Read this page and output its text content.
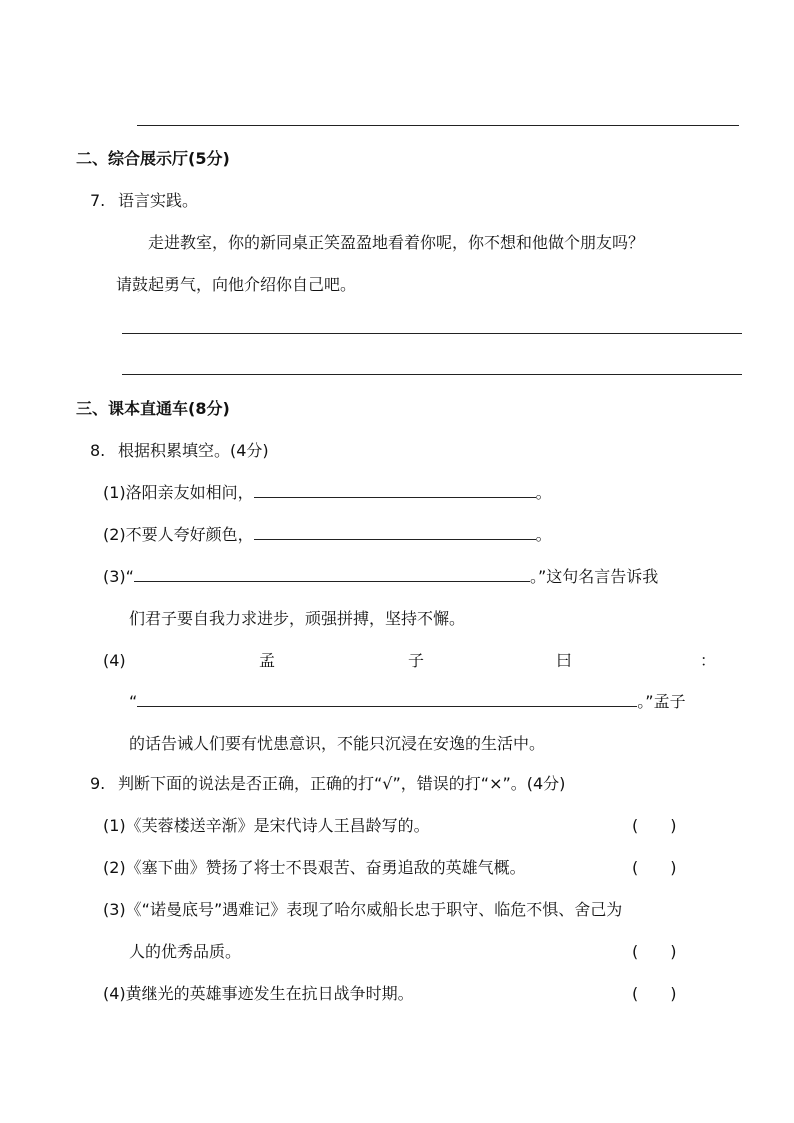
二、综合展示厅(5分)
7. 语言实践。
走进教室，你的新同桌正笑盈盈地看着你呢，你不想和他做个朋友吗？
请鼓起勇气，向他介绍你自己吧。
三、课本直通车(8分)
8. 根据积累填空。(4分)
(1)洛阳亲友如相问，	。
(2)不要人夸好颜色，	。
(3)“	。”这句名言告诉我
们君子要自我力求进步，顽强拼搏，坚持不懈。
(4)	孟	子	曰	：
“	。”孟子
的话告诫人们要有忧患意识，不能只沉浸在安逸的生活中。
9. 判断下面的说法是否正确，正确的打“√”，错误的打“×”。(4分)
(1)《芙蓉楼送辛渐》是宋代诗人王昌龄写的。	(　　)
(2)《塞下曲》赞扬了将士不畏艰苦、奋勇追敌的英雄气概。	(　　)
(3)《“诺曼底号”遇难记》表现了哈尔威船长忠于职守、临危不惧、舍己为
人的优秀品质。	(　　)
(4)黄继光的英雄事迹发生在抗日战争时期。	(　　)
